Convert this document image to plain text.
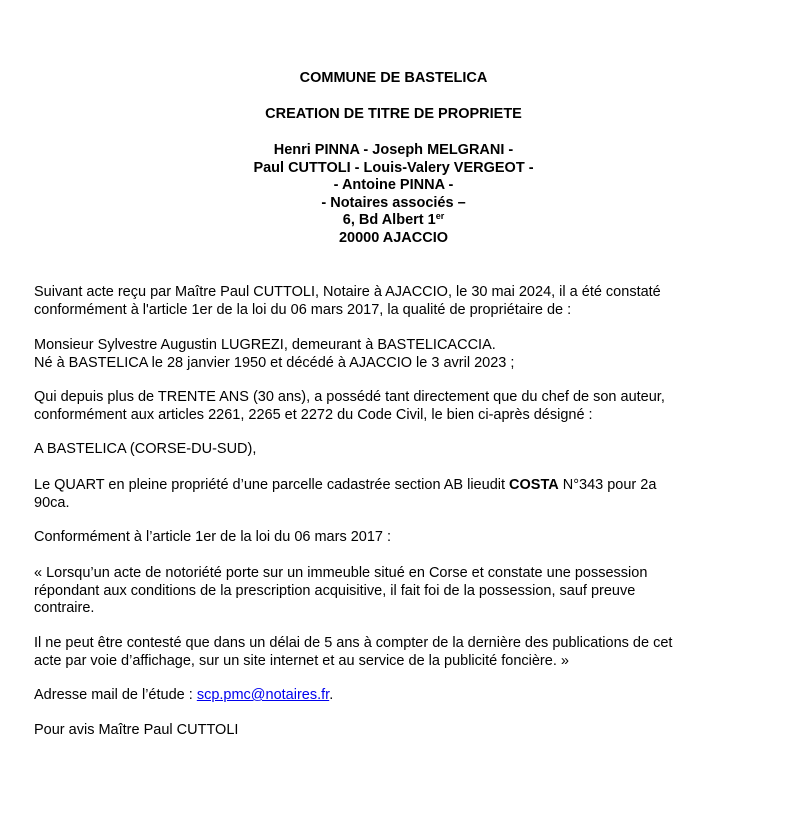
COMMUNE DE BASTELICA
CREATION DE TITRE DE PROPRIETE
Henri PINNA - Joseph MELGRANI -
Paul CUTTOLI - Louis-Valery VERGEOT -
- Antoine PINNA -
- Notaires associés –
6, Bd Albert 1er
20000 AJACCIO

Suivant acte reçu par Maître Paul CUTTOLI, Notaire à AJACCIO, le 30 mai 2024, il a été constaté

conformément à l'article 1er de la loi du 06 mars 2017, la qualité de propriétaire de :

Monsieur Sylvestre Augustin LUGREZI, demeurant à BASTELICACCIA.

Né à BASTELICA le 28 janvier 1950 et décédé à AJACCIO le 3 avril 2023 ;

Qui depuis plus de TRENTE ANS (30 ans), a possédé tant directement que du chef de son auteur,

conformément aux articles 2261, 2265 et 2272 du Code Civil, le bien ci-après désigné :

A BASTELICA (CORSE-DU-SUD),

Le QUART en pleine propriété d’une parcelle cadastrée section AB lieudit COSTA N°343 pour 2a

90ca.

Conformément à l’article 1er de la loi du 06 mars 2017 :

« Lorsqu’un acte de notoriété porte sur un immeuble situé en Corse et constate une possession

répondant aux conditions de la prescription acquisitive, il fait foi de la possession, sauf preuve

contraire.

Il ne peut être contesté que dans un délai de 5 ans à compter de la dernière des publications de cet

acte par voie d’affichage, sur un site internet et au service de la publicité foncière. »

Adresse mail de l’étude : scp.pmc@notaires.fr.

Pour avis Maître Paul CUTTOLI
